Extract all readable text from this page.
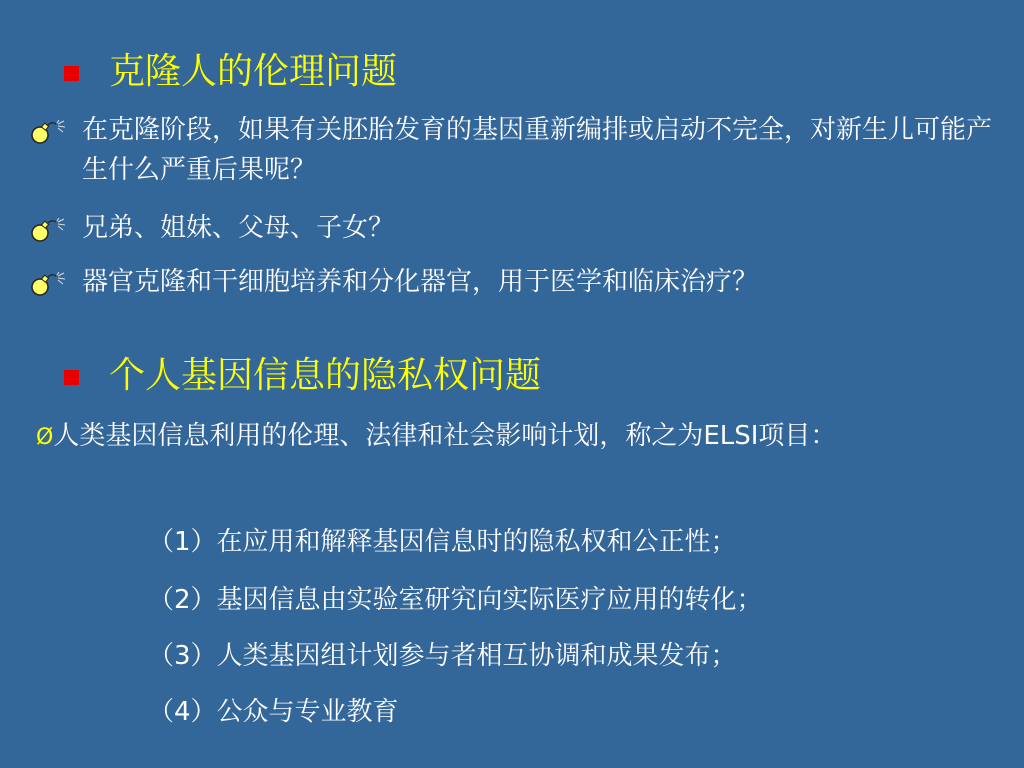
克隆人的伦理问题
在克隆阶段，如果有关胚胎发育的基因重新编排或启动不完全，对新生儿可能产生什么严重后果呢？
兄弟、姐妹、父母、子女？
器官克隆和干细胞培养和分化器官，用于医学和临床治疗？
个人基因信息的隐私权问题
Ø人类基因信息利用的伦理、法律和社会影响计划，称之为ELSI项目：
（1）在应用和解释基因信息时的隐私权和公正性；
（2）基因信息由实验室研究向实际医疗应用的转化；
（3）人类基因组计划参与者相互协调和成果发布；
（4）公众与专业教育
